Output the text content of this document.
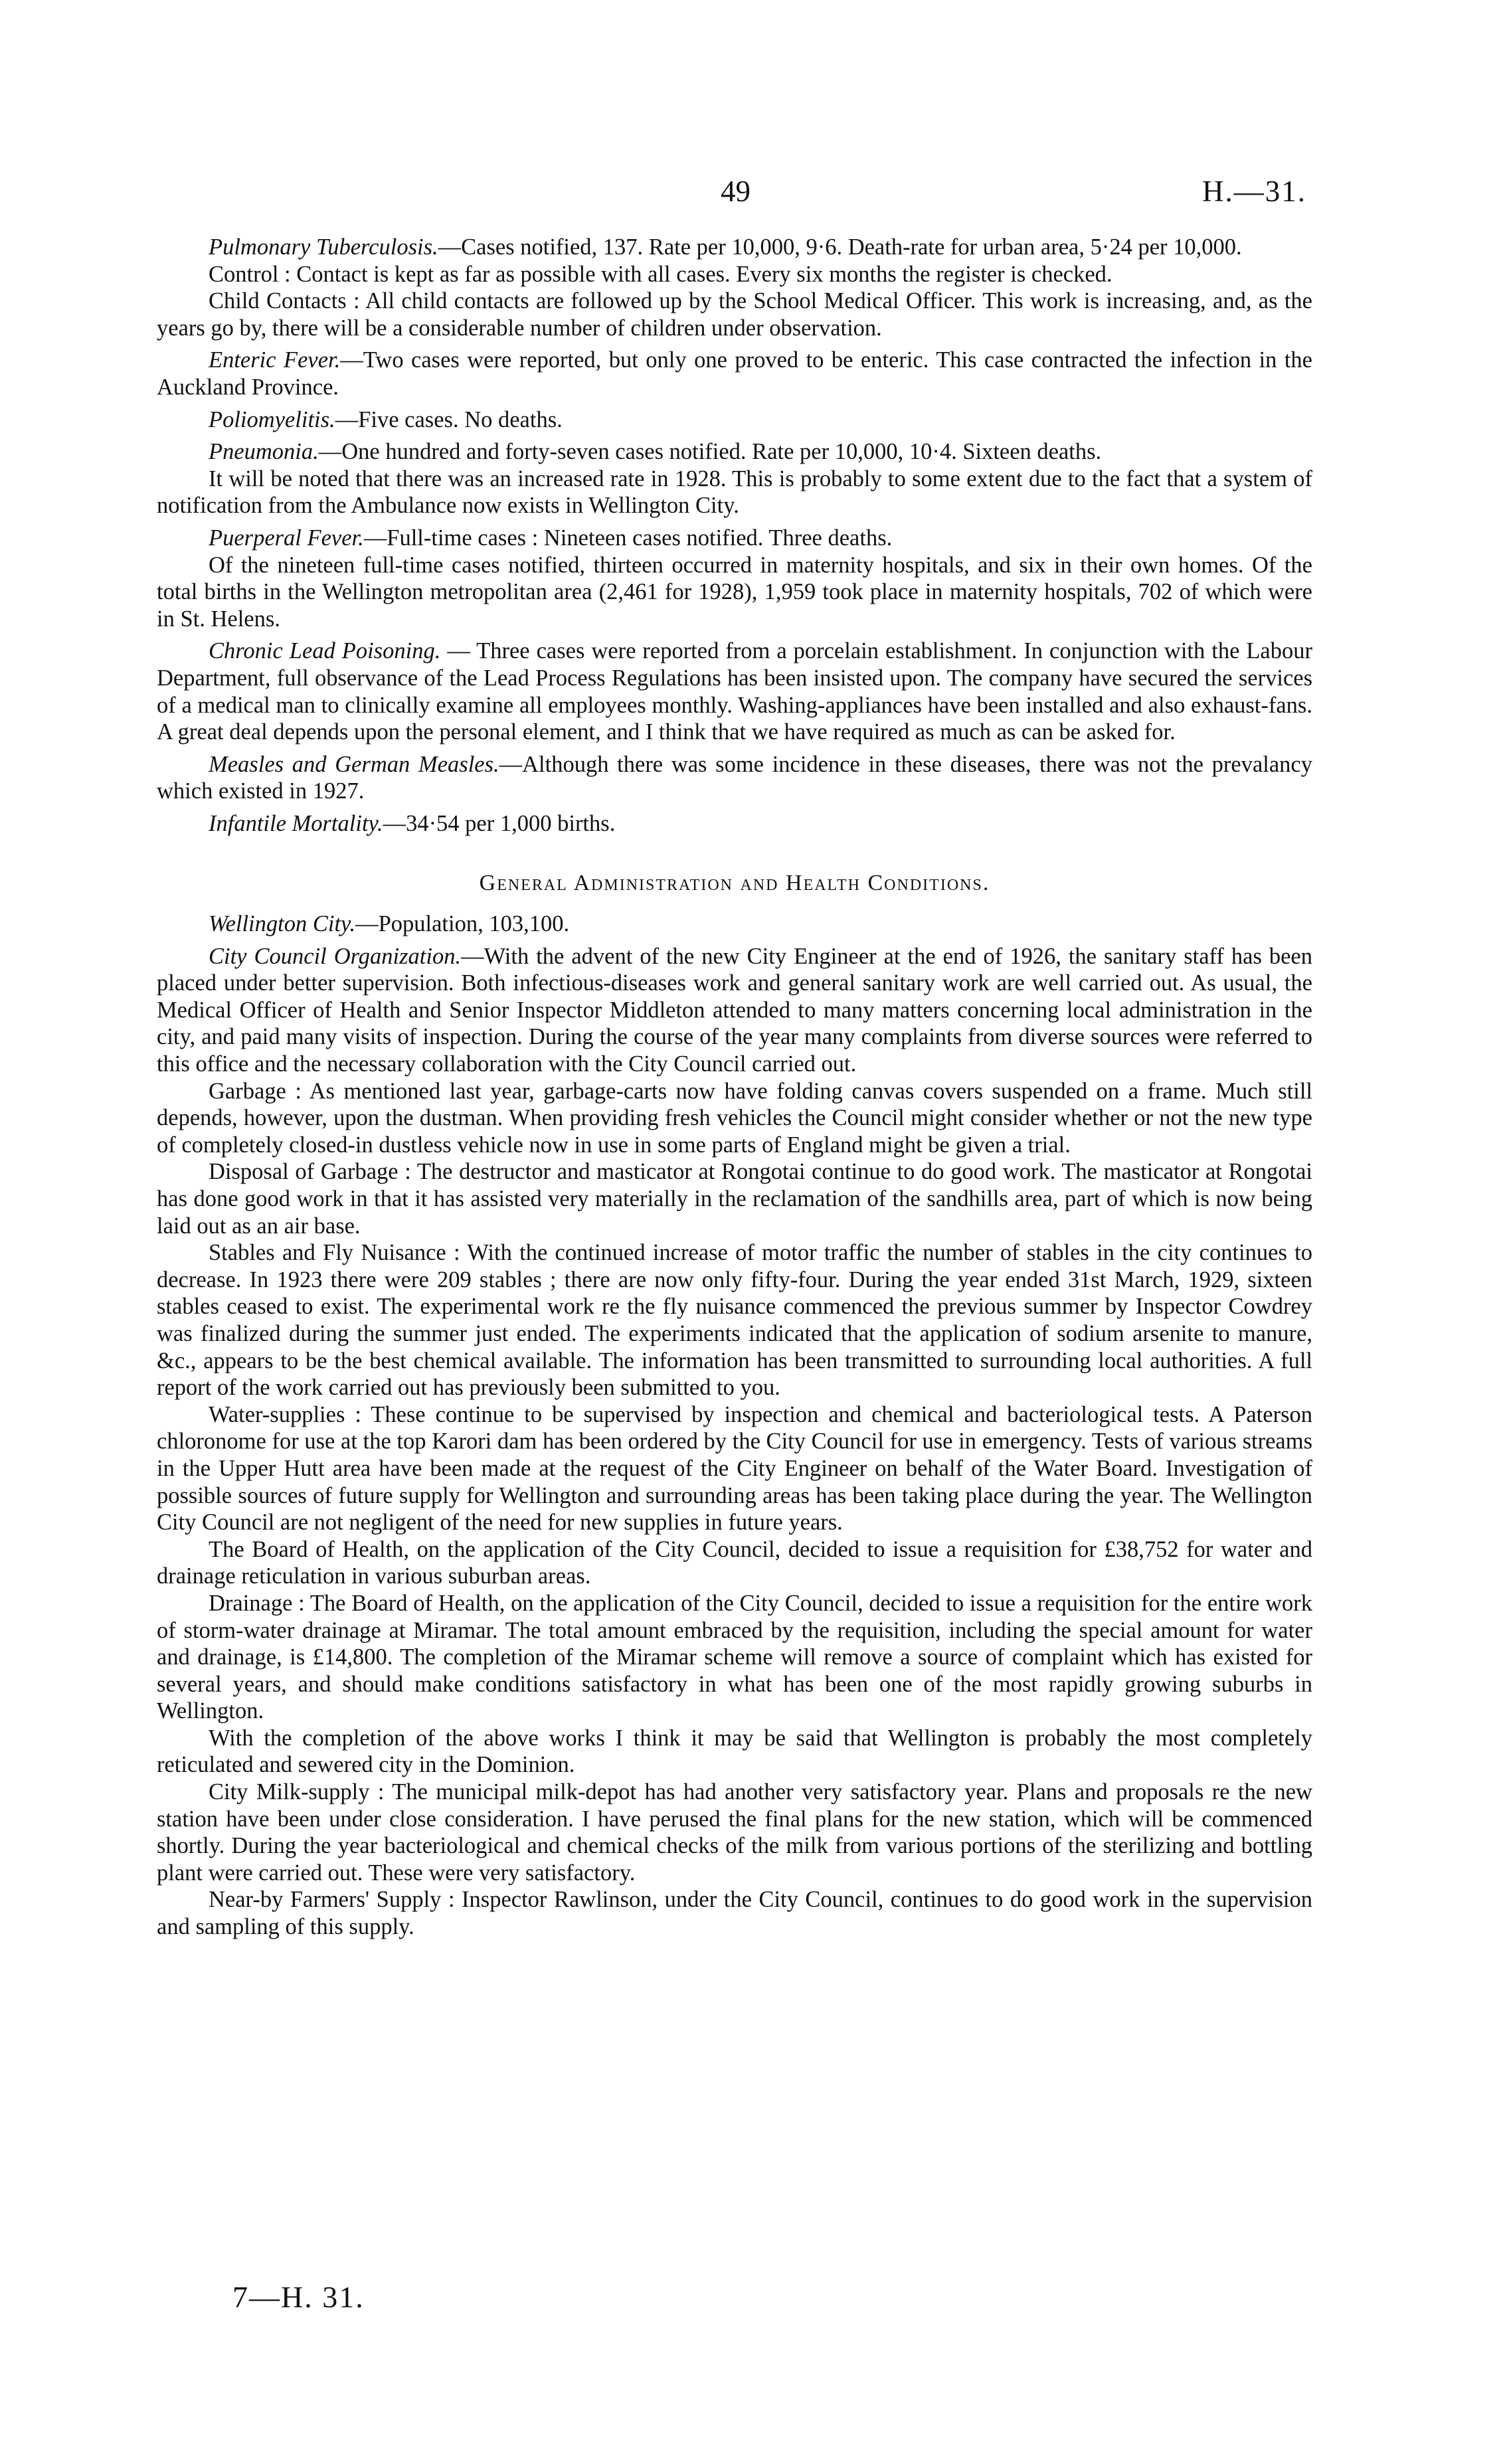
49	H.—31.

Pulmonary Tuberculosis.—Cases notified, 137. Rate per 10,000, 9·6. Death-rate for urban area, 5·24 per 10,000.

Control : Contact is kept as far as possible with all cases. Every six months the register is checked.

Child Contacts : All child contacts are followed up by the School Medical Officer. This work is increasing, and, as the years go by, there will be a considerable number of children under observation.

Enteric Fever.—Two cases were reported, but only one proved to be enteric. This case contracted the infection in the Auckland Province.

Poliomyelitis.—Five cases. No deaths.

Pneumonia.—One hundred and forty-seven cases notified. Rate per 10,000, 10·4. Sixteen deaths.

It will be noted that there was an increased rate in 1928. This is probably to some extent due to the fact that a system of notification from the Ambulance now exists in Wellington City.

Puerperal Fever.—Full-time cases : Nineteen cases notified. Three deaths.

Of the nineteen full-time cases notified, thirteen occurred in maternity hospitals, and six in their own homes. Of the total births in the Wellington metropolitan area (2,461 for 1928), 1,959 took place in maternity hospitals, 702 of which were in St. Helens.

Chronic Lead Poisoning. — Three cases were reported from a porcelain establishment. In conjunction with the Labour Department, full observance of the Lead Process Regulations has been insisted upon. The company have secured the services of a medical man to clinically examine all employees monthly. Washing-appliances have been installed and also exhaust-fans. A great deal depends upon the personal element, and I think that we have required as much as can be asked for.

Measles and German Measles.—Although there was some incidence in these diseases, there was not the prevalancy which existed in 1927.

Infantile Mortality.—34·54 per 1,000 births.

General Administration and Health Conditions.

Wellington City.—Population, 103,100.

City Council Organization.—With the advent of the new City Engineer at the end of 1926, the sanitary staff has been placed under better supervision. Both infectious-diseases work and general sanitary work are well carried out. As usual, the Medical Officer of Health and Senior Inspector Middleton attended to many matters concerning local administration in the city, and paid many visits of inspection. During the course of the year many complaints from diverse sources were referred to this office and the necessary collaboration with the City Council carried out.

Garbage : As mentioned last year, garbage-carts now have folding canvas covers suspended on a frame. Much still depends, however, upon the dustman. When providing fresh vehicles the Council might consider whether or not the new type of completely closed-in dustless vehicle now in use in some parts of England might be given a trial.

Disposal of Garbage : The destructor and masticator at Rongotai continue to do good work. The masticator at Rongotai has done good work in that it has assisted very materially in the reclamation of the sandhills area, part of which is now being laid out as an air base.

Stables and Fly Nuisance : With the continued increase of motor traffic the number of stables in the city continues to decrease. In 1923 there were 209 stables ; there are now only fifty-four. During the year ended 31st March, 1929, sixteen stables ceased to exist. The experimental work re the fly nuisance commenced the previous summer by Inspector Cowdrey was finalized during the summer just ended. The experiments indicated that the application of sodium arsenite to manure, &c., appears to be the best chemical available. The information has been transmitted to surrounding local authorities. A full report of the work carried out has previously been submitted to you.

Water-supplies : These continue to be supervised by inspection and chemical and bacteriological tests. A Paterson chloronome for use at the top Karori dam has been ordered by the City Council for use in emergency. Tests of various streams in the Upper Hutt area have been made at the request of the City Engineer on behalf of the Water Board. Investigation of possible sources of future supply for Wellington and surrounding areas has been taking place during the year. The Wellington City Council are not negligent of the need for new supplies in future years.

The Board of Health, on the application of the City Council, decided to issue a requisition for £38,752 for water and drainage reticulation in various suburban areas.

Drainage : The Board of Health, on the application of the City Council, decided to issue a requisition for the entire work of storm-water drainage at Miramar. The total amount embraced by the requisition, including the special amount for water and drainage, is £14,800. The completion of the Miramar scheme will remove a source of complaint which has existed for several years, and should make conditions satisfactory in what has been one of the most rapidly growing suburbs in Wellington.

With the completion of the above works I think it may be said that Wellington is probably the most completely reticulated and sewered city in the Dominion.

City Milk-supply : The municipal milk-depot has had another very satisfactory year. Plans and proposals re the new station have been under close consideration. I have perused the final plans for the new station, which will be commenced shortly. During the year bacteriological and chemical checks of the milk from various portions of the sterilizing and bottling plant were carried out. These were very satisfactory.

Near-by Farmers' Supply : Inspector Rawlinson, under the City Council, continues to do good work in the supervision and sampling of this supply.

7—H. 31.
